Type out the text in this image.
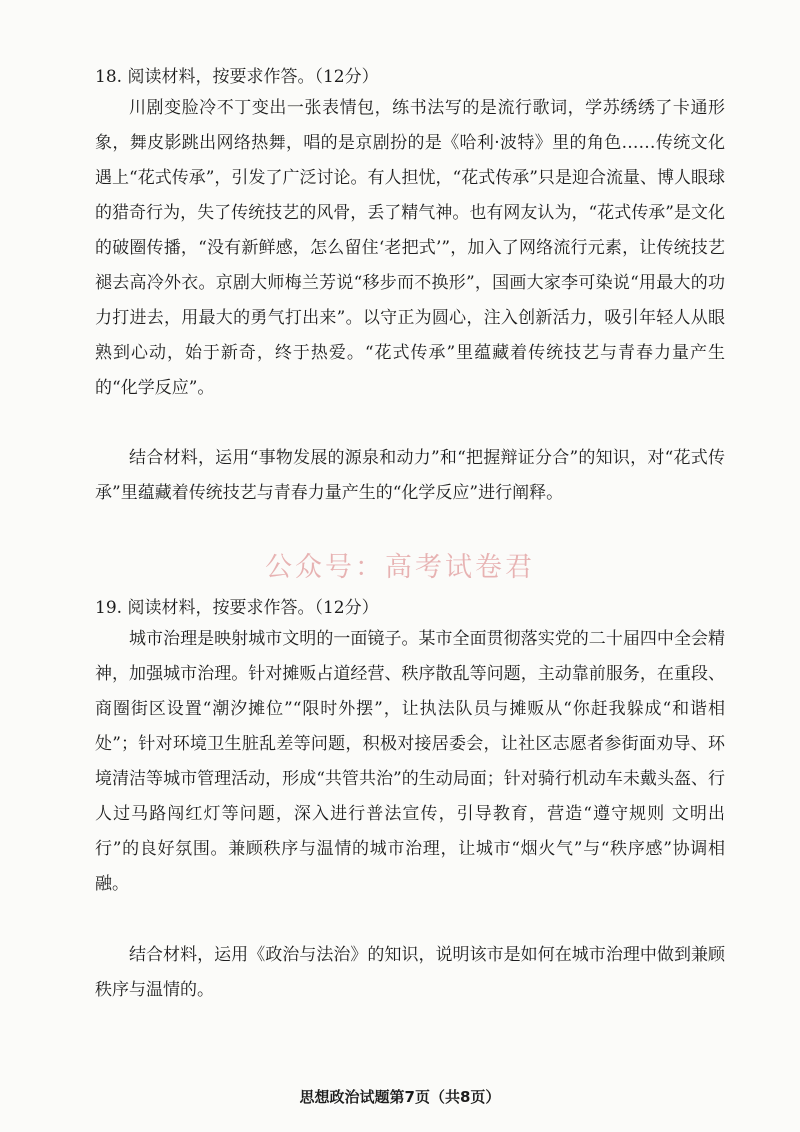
18. 阅读材料，按要求作答。（12分）

川剧变脸冷不丁变出一张表情包，练书法写的是流行歌词，学苏绣绣了卡通形象，舞皮影跳出网络热舞，唱的是京剧扮的是《哈利·波特》里的角色……传统文化遇上“花式传承”，引发了广泛讨论。有人担忧，“花式传承”只是迎合流量、博人眼球的猎奇行为，失了传统技艺的风骨，丢了精气神。也有网友认为，“花式传承”是文化的破圈传播，“没有新鲜感，怎么留住‘老把式’”，加入了网络流行元素，让传统技艺褪去高冷外衣。京剧大师梅兰芳说“移步而不换形”，国画大家李可染说“用最大的功力打进去，用最大的勇气打出来”。以守正为圆心，注入创新活力，吸引年轻人从眼熟到心动，始于新奇，终于热爱。“花式传承”里蕴藏着传统技艺与青春力量产生的“化学反应”。

结合材料，运用“事物发展的源泉和动力”和“把握辩证分合”的知识，对“花式传承”里蕴藏着传统技艺与青春力量产生的“化学反应”进行阐释。

公众号：高考试卷君
19. 阅读材料，按要求作答。（12分）

城市治理是映射城市文明的一面镜子。某市全面贯彻落实党的二十届四中全会精神，加强城市治理。针对摊贩占道经营、秩序散乱等问题，主动靠前服务，在重段、商圈街区设置“潮汐摊位”“限时外摆”，让执法队员与摊贩从“你赶我躲成“和谐相处”；针对环境卫生脏乱差等问题，积极对接居委会，让社区志愿者参街面劝导、环境清洁等城市管理活动，形成“共管共治”的生动局面；针对骑行机动车未戴头盔、行人过马路闯红灯等问题，深入进行普法宣传，引导教育，营造“遵守规则 文明出行”的良好氛围。兼顾秩序与温情的城市治理，让城市“烟火气”与“秩序感”协调相融。

结合材料，运用《政治与法治》的知识，说明该市是如何在城市治理中做到兼顾秩序与温情的。

思想政治试题第7页（共8页）
